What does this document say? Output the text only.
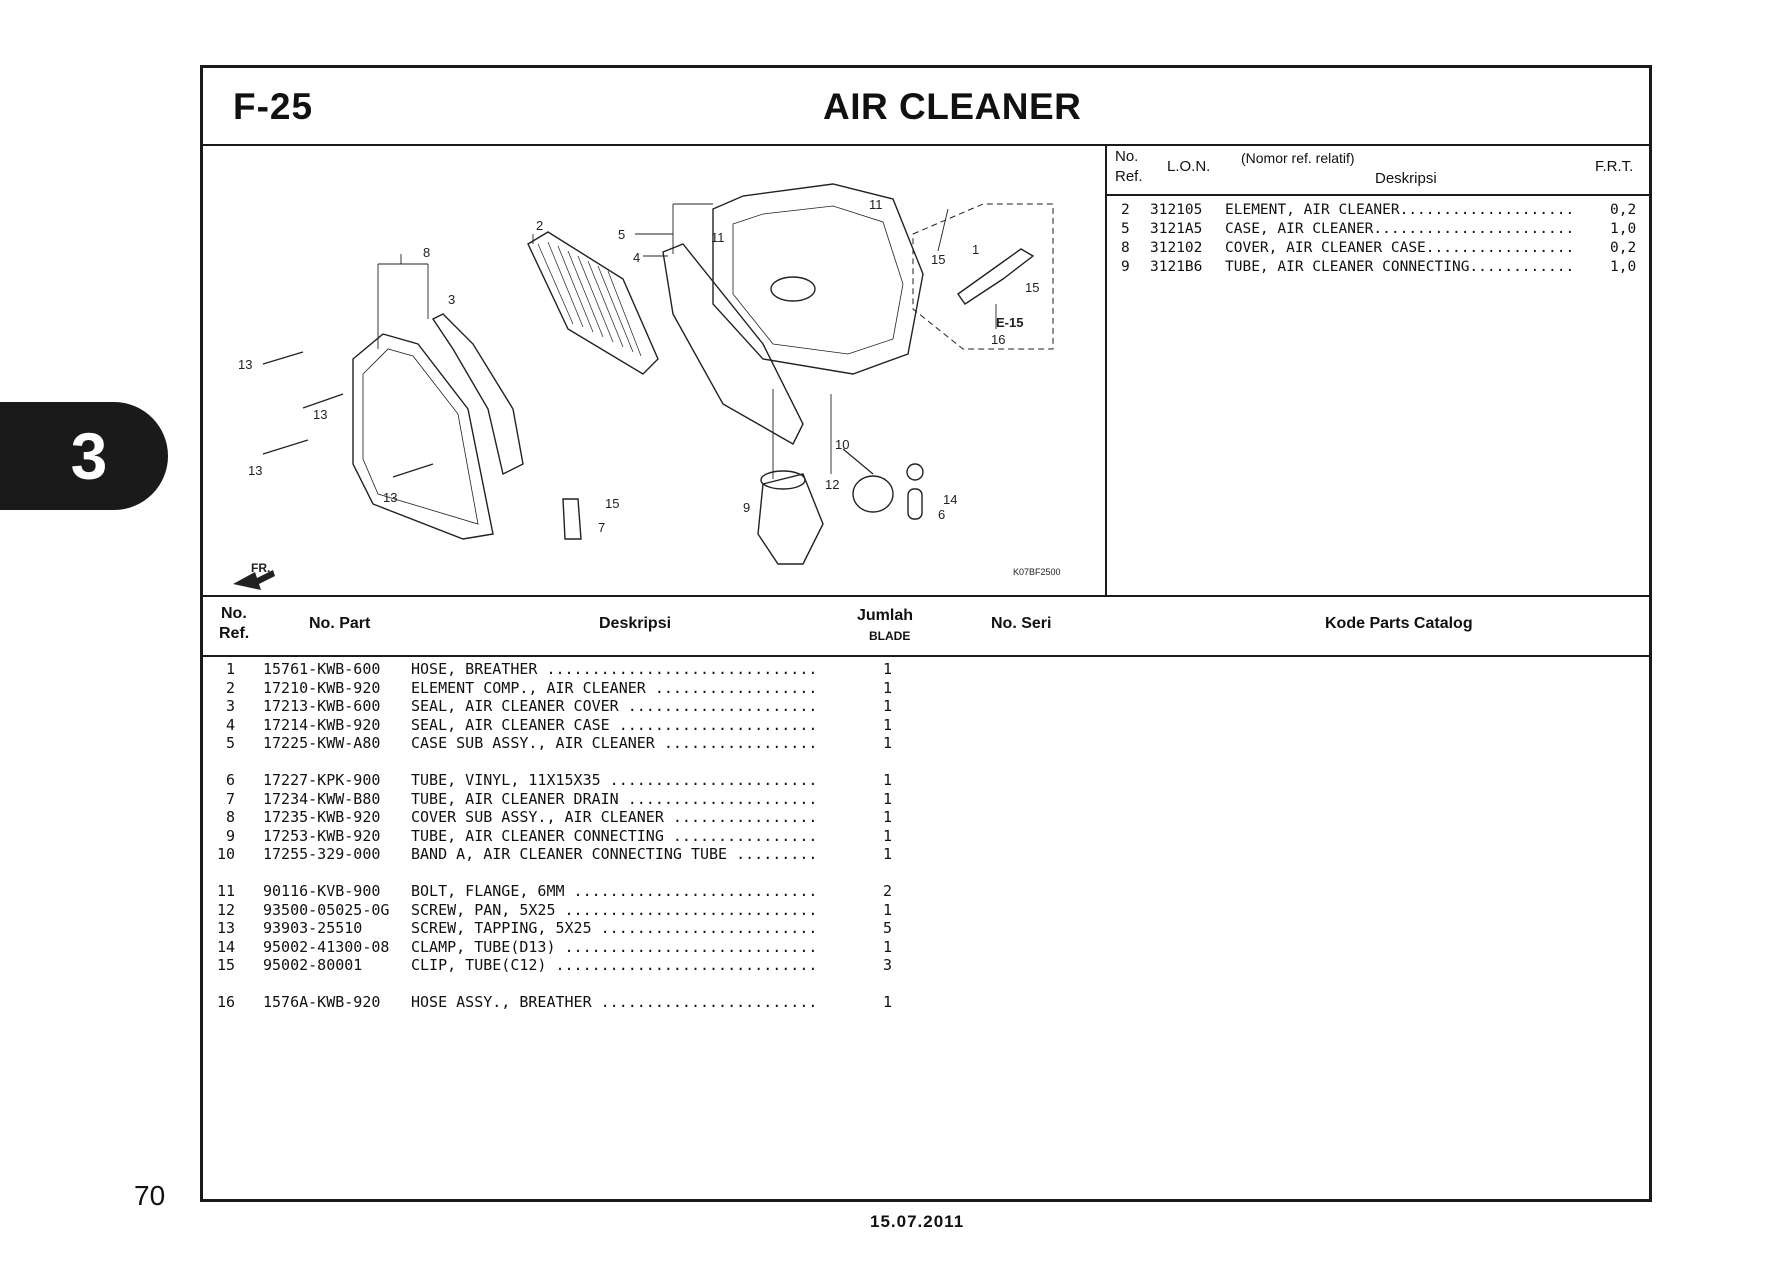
3
F-25	AIR CLEANER
1
2
3
4
5
6
7
8
9
10
11
11
12
13
13
13
13	14
15
15
15
16
E-15
FR.	K07BF2500
No.
Ref.
L.O.N. (Nomor ref. relatif)
Deskripsi
F.R.T.
2 312105 ELEMENT, AIR CLEANER.................... 0,2
5 3121A5 CASE, AIR CLEANER....................... 1,0
8 312102 COVER, AIR CLEANER CASE................. 0,2
9 3121B6 TUBE, AIR CLEANER CONNECTING............ 1,0
No.
Ref.
No. Part	Deskripsi	Jumlah
BLADE
No. Seri	Kode Parts Catalog
1 15761-KWB-600 HOSE, BREATHER ..............................	1
2 17210-KWB-920 ELEMENT COMP., AIR CLEANER ..................	1
3 17213-KWB-600 SEAL, AIR CLEANER COVER .....................	1
4 17214-KWB-920 SEAL, AIR CLEANER CASE ......................	1
5 17225-KWW-A80 CASE SUB ASSY., AIR CLEANER .................	1
6 17227-KPK-900 TUBE, VINYL, 11X15X35 .......................	1
7 17234-KWW-B80 TUBE, AIR CLEANER DRAIN .....................	1
8 17235-KWB-920 COVER SUB ASSY., AIR CLEANER ................	1
9 17253-KWB-920 TUBE, AIR CLEANER CONNECTING ................	1
10 17255-329-000 BAND A, AIR CLEANER CONNECTING TUBE .........	1
11 90116-KVB-900 BOLT, FLANGE, 6MM ...........................	2
12 93500-05025-0G SCREW, PAN, 5X25 ............................	1
13 93903-25510	SCREW, TAPPING, 5X25 ........................	5
14 95002-41300-08 CLAMP, TUBE(D13) ............................	1
15 95002-80001	CLIP, TUBE(C12) .............................	3
16 1576A-KWB-920 HOSE ASSY., BREATHER ........................	1
70
15.07.2011
